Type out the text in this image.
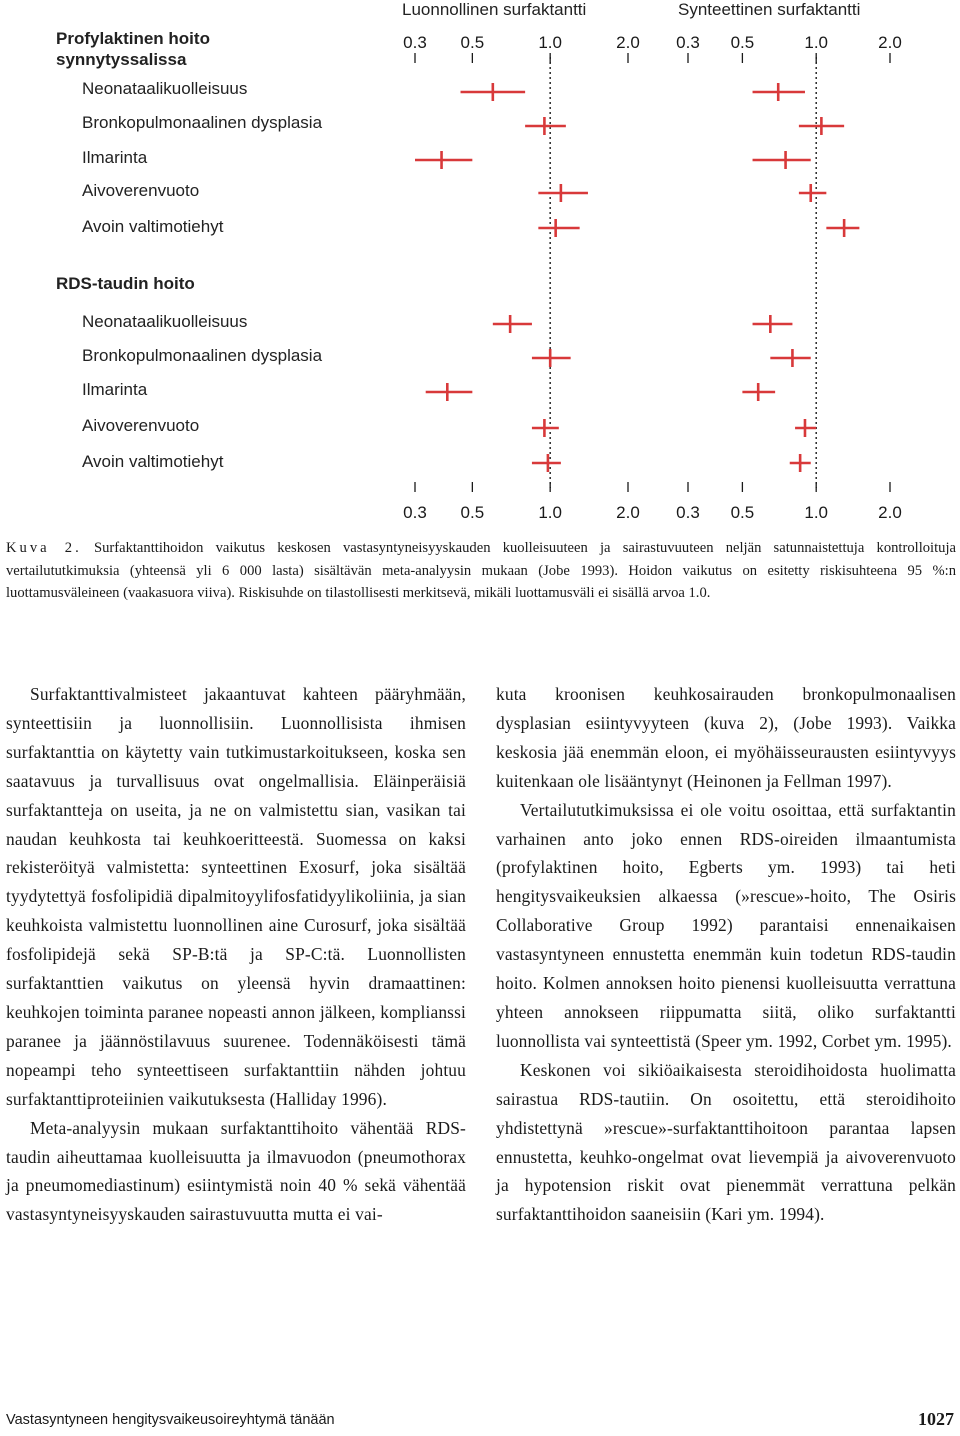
Luonnollinen surfaktantti	Synteettinen surfaktantti
Profylaktinen hoito synnytyssalissa
Neonataalikuolleisuus
Bronkopulmonaalinen dysplasia
Ilmarinta
Aivoverenvuoto
Avoin valtimotiehyt
RDS-taudin hoito
Neonataalikuolleisuus
Bronkopulmonaalinen dysplasia
Ilmarinta
Aivoverenvuoto
Avoin valtimotiehyt
0.3 0.5	1.0	2.0
0.3 0.5	1.0	2.0
0.3 0.5	1.0	2.0
0.3 0.5	1.0	2.0
Kuva 2. Surfaktanttihoidon vaikutus keskosen vastasyntyneisyyskauden kuolleisuuteen ja sairastuvuuteen neljän satunnaistettuja kontrolloituja vertailututkimuksia (yhteensä yli 6 000 lasta) sisältävän meta-analyysin mukaan (Jobe 1993). Hoidon vaikutus on esitetty riskisuhteena 95 %:n luottamusväleineen (vaakasuora viiva). Riskisuhde on tilastollisesti merkitsevä, mikäli luottamusväli ei sisällä arvoa 1.0.

Surfaktanttivalmisteet jakaantuvat kahteen pääryhmään, synteettisiin ja luonnollisiin. Luonnollisista ihmisen surfaktanttia on käytetty vain tutkimustarkoitukseen, koska sen saatavuus ja turvallisuus ovat ongelmallisia. Eläinperäisiä surfaktantteja on useita, ja ne on valmistettu sian, vasikan tai naudan keuhkosta tai keuhkoeritteestä. Suomessa on kaksi rekisteröityä valmistetta: synteettinen Exosurf, joka sisältää tyydytettyä fosfolipidiä dipalmitoyylifosfatidyylikoliinia, ja sian keuhkoista valmistettu luonnollinen aine Curosurf, joka sisältää fosfolipidejä sekä SP-B:tä ja SP-C:tä. Luonnollisten surfaktanttien vaikutus on yleensä hyvin dramaattinen: keuhkojen toiminta paranee nopeasti annon jälkeen, komplianssi paranee ja jäännöstilavuus suurenee. Todennäköisesti tämä nopeampi teho synteettiseen surfaktanttiin nähden johtuu surfaktanttiproteiinien vaikutuksesta (Halliday 1996).

Meta-analyysin mukaan surfaktanttihoito vähentää RDS-taudin aiheuttamaa kuolleisuutta ja ilmavuodon (pneumothorax ja pneumomediastinum) esiintymistä noin 40 % sekä vähentää vastasyntyneisyyskauden sairastuvuutta mutta ei vai-

kuta kroonisen keuhkosairauden bronkopulmonaalisen dysplasian esiintyvyyteen (kuva 2), (Jobe 1993). Vaikka keskosia jää enemmän eloon, ei myöhäisseurausten esiintyvyys kuitenkaan ole lisääntynyt (Heinonen ja Fellman 1997).

Vertailututkimuksissa ei ole voitu osoittaa, että surfaktantin varhainen anto joko ennen RDS-oireiden ilmaantumista (profylaktinen hoito, Egberts ym. 1993) tai heti hengitysvaikeuksien alkaessa (»rescue»-hoito, The Osiris Collaborative Group 1992) parantaisi ennenaikaisen vastasyntyneen ennustetta enemmän kuin todetun RDS-taudin hoito. Kolmen annoksen hoito pienensi kuolleisuutta verrattuna yhteen annokseen riippumatta siitä, oliko surfaktantti luonnollista vai synteettistä (Speer ym. 1992, Corbet ym. 1995).

Keskonen voi sikiöaikaisesta steroidihoidosta huolimatta sairastua RDS-tautiin. On osoitettu, että steroidihoito yhdistettynä »rescue»-surfaktanttihoitoon parantaa lapsen ennustetta, keuhko-ongelmat ovat lievempiä ja aivoverenvuoto ja hypotension riskit ovat pienemmät verrattuna pelkän surfaktanttihoidon saaneisiin (Kari ym. 1994).

Vastasyntyneen hengitysvaikeusoireyhtymä tänään	1027
